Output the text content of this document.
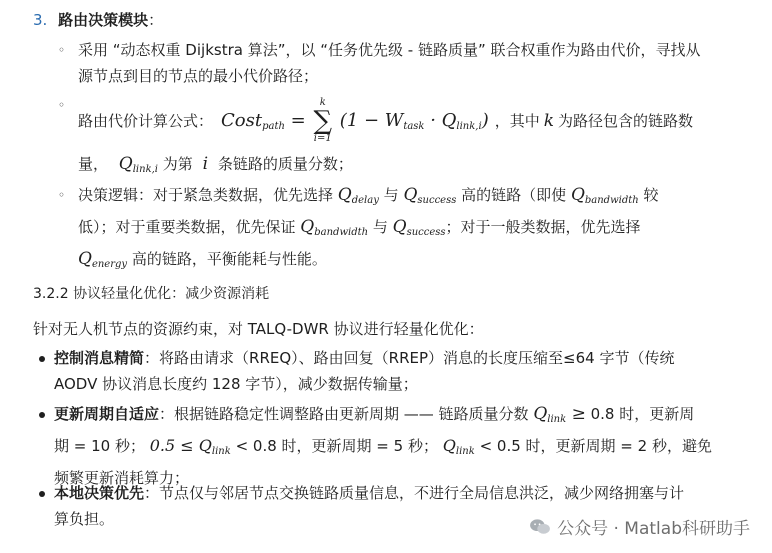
3. 路由决策模块：
◦ 采用 “动态权重 Dijkstra 算法”，以 “任务优先级 - 链路质量” 联合权重作为路由代价，寻找从
源节点到目的节点的最小代价路径；
◦
路由代价计算公式： Cost$_{path}$ =
k
∑
i=1
$(1 - W_{task} \cdot Q_{link,i})$ ，其中 k 为路径包含的链路数
量， $Q_{link,i}$ 为第 i 条链路的质量分数；
◦ 决策逻辑：对于紧急类数据，优先选择 $Q_{delay}$ 与 $Q_{success}$ 高的链路（即使 $Q_{bandwidth}$ 较
低）；对于重要类数据，优先保证 $Q_{bandwidth}$ 与 $Q_{success}$；对于一般类数据，优先选择
$Q_{energy}$ 高的链路，平衡能耗与性能。
3.2.2 协议轻量化优化：减少资源消耗
针对无人机节点的资源约束，对 TALQ-DWR 协议进行轻量化优化：
控制消息精简：将路由请求（RREQ）、路由回复（RREP）消息的长度压缩至≤64 字节（传统
AODV 协议消息长度约 128 字节），减少数据传输量；
更新周期自适应：根据链路稳定性调整路由更新周期 —— 链路质量分数 $Q_{link} \ge 0.8$ 时，更新周
期 = 10 秒； $0.5 \le Q_{link} < 0.8$ 时，更新周期 = 5 秒； $Q_{link} < 0.5$ 时，更新周期 = 2 秒，避免
频繁更新消耗算力；
本地决策优先：节点仅与邻居节点交换链路质量信息，不进行全局信息洪泛，减少网络拥塞与计
算负担。	公众号 · Matlab科研助手
